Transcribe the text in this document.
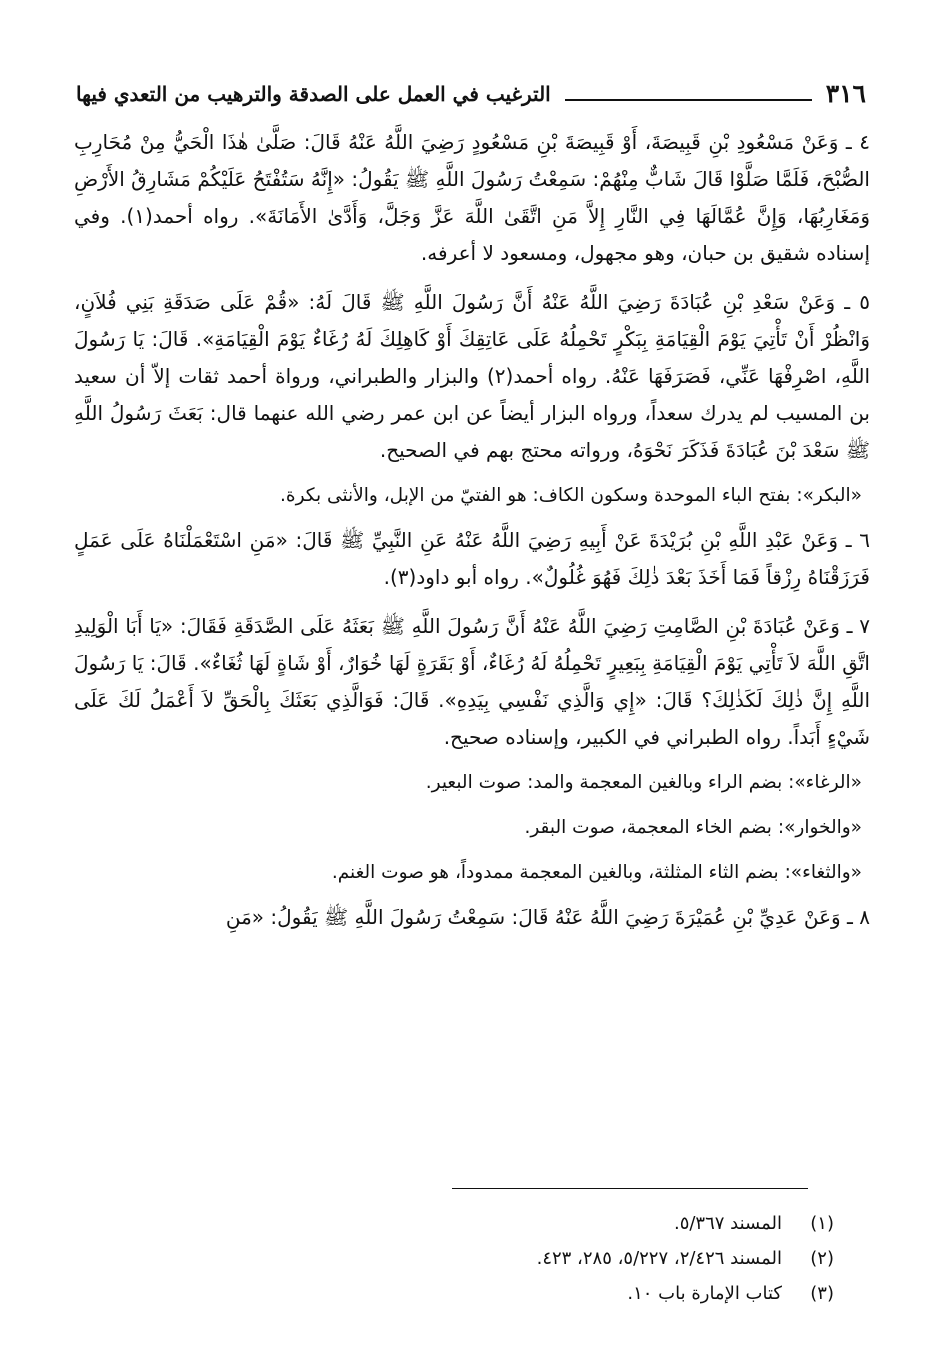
٣١٦
الترغيب في العمل على الصدقة والترهيب من التعدي فيها

٤ ـ وَعَنْ مَسْعُودِ بْنِ قَبِيصَةَ، أَوْ قَبِيصَةَ بْنِ مَسْعُودٍ رَضِيَ اللَّهُ عَنْهُ قَالَ: صَلَّىٰ هٰذَا الْحَيُّ مِنْ مُحَارِبِ الصُّبْحَ، فَلَمَّا صَلَّوْا قَالَ شَابٌّ مِنْهُمْ: سَمِعْتُ رَسُولَ اللَّهِ ﷺ يَقُولُ: «إِنَّهُ سَتُفْتَحُ عَلَيْكُمْ مَشَارِقُ الأَرْضِ وَمَغَارِبُهَا، وَإِنَّ عُمَّالَهَا فِي النَّارِ إِلاَّ مَنِ اتَّقَىٰ اللَّهَ عَزَّ وَجَلَّ، وَأَدَّىٰ الأَمَانَةَ». رواه أحمد(١). وفي إسناده شقيق بن حبان، وهو مجهول، ومسعود لا أعرفه.

٥ ـ وَعَنْ سَعْدِ بْنِ عُبَادَةَ رَضِيَ اللَّهُ عَنْهُ أَنَّ رَسُولَ اللَّهِ ﷺ قَالَ لَهُ: «قُمْ عَلَى صَدَقَةِ بَنِي فُلاَنٍ، وَانْظُرْ أَنْ تَأْتِيَ يَوْمَ الْقِيَامَةِ بِبَكْرٍ تَحْمِلُهُ عَلَى عَاتِقِكَ أَوْ كَاهِلِكَ لَهُ رُغَاءٌ يَوْمَ الْقِيَامَةِ». قَالَ: يَا رَسُولَ اللَّهِ، اصْرِفْهَا عَنِّي، فَصَرَفَهَا عَنْهُ. رواه أحمد(٢) والبزار والطبراني، ورواة أحمد ثقات إلاّ أن سعيد بن المسيب لم يدرك سعداً، ورواه البزار أيضاً عن ابن عمر رضي الله عنهما قال: بَعَثَ رَسُولُ اللَّهِ ﷺ سَعْدَ بْنَ عُبَادَةَ فَذَكَرَ نَحْوَهُ، ورواته محتج بهم في الصحيح.

«البكر»: بفتح الباء الموحدة وسكون الكاف: هو الفتيّ من الإبل، والأنثى بكرة.

٦ ـ وَعَنْ عَبْدِ اللَّهِ بْنِ بُرَيْدَةَ عَنْ أَبِيهِ رَضِيَ اللَّهُ عَنْهُ عَنِ النَّبِيِّ ﷺ قَالَ: «مَنِ اسْتَعْمَلْنَاهُ عَلَى عَمَلٍ فَرَزَقْنَاهُ رِزْقاً فَمَا أَخَذَ بَعْدَ ذٰلِكَ فَهُوَ غُلُولٌ». رواه أبو داود(٣).

٧ ـ وَعَنْ عُبَادَةَ بْنِ الصَّامِتِ رَضِيَ اللَّهُ عَنْهُ أَنَّ رَسُولَ اللَّهِ ﷺ بَعَثَهُ عَلَى الصَّدَقَةِ فَقَالَ: «يَا أَبَا الْوَلِيدِ اتَّقِ اللَّهَ لاَ تَأْتِي يَوْمَ الْقِيَامَةِ بِبَعِيرٍ تَحْمِلُهُ لَهُ رُغَاءٌ، أَوْ بَقَرَةٍ لَهَا خُوَارٌ، أَوْ شَاةٍ لَهَا ثُغَاءٌ». قَالَ: يَا رَسُولَ اللَّهِ إِنَّ ذٰلِكَ لَكَذٰلِكَ؟ قَالَ: «إِي وَالَّذِي نَفْسِي بِيَدِهِ». قَالَ: فَوَالَّذِي بَعَثَكَ بِالْحَقِّ لاَ أَعْمَلُ لَكَ عَلَى شَيْءٍ أَبَداً. رواه الطبراني في الكبير، وإسناده صحيح.

«الرغاء»: بضم الراء وبالغين المعجمة والمد: صوت البعير.

«والخوار»: بضم الخاء المعجمة، صوت البقر.

«والثغاء»: بضم الثاء المثلثة، وبالغين المعجمة ممدوداً، هو صوت الغنم.

٨ ـ وَعَنْ عَدِيِّ بْنِ عُمَيْرَةَ رَضِيَ اللَّهُ عَنْهُ قَالَ: سَمِعْتُ رَسُولَ اللَّهِ ﷺ يَقُولُ: «مَنِ

(١)
المسند ٥/٣٦٧.
(٢)
المسند ٢/٤٢٦، ٥/٢٢٧، ٢٨٥، ٤٢٣.
(٣)
كتاب الإمارة باب ١٠.
